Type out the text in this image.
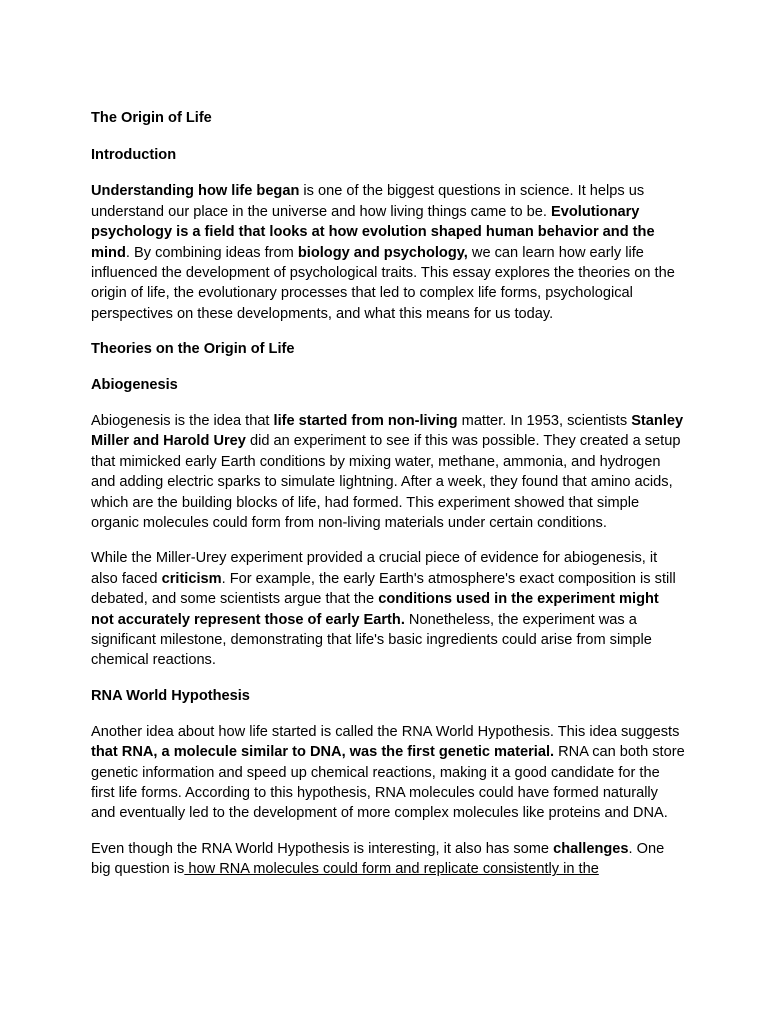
The Origin of Life

Introduction

Understanding how life began is one of the biggest questions in science. It helps us understand our place in the universe and how living things came to be. Evolutionary psychology is a field that looks at how evolution shaped human behavior and the mind. By combining ideas from biology and psychology, we can learn how early life influenced the development of psychological traits. This essay explores the theories on the origin of life, the evolutionary processes that led to complex life forms, psychological perspectives on these developments, and what this means for us today.

Theories on the Origin of Life

Abiogenesis

Abiogenesis is the idea that life started from non-living matter. In 1953, scientists Stanley Miller and Harold Urey did an experiment to see if this was possible. They created a setup that mimicked early Earth conditions by mixing water, methane, ammonia, and hydrogen and adding electric sparks to simulate lightning. After a week, they found that amino acids, which are the building blocks of life, had formed. This experiment showed that simple organic molecules could form from non-living materials under certain conditions.

While the Miller-Urey experiment provided a crucial piece of evidence for abiogenesis, it also faced criticism. For example, the early Earth's atmosphere's exact composition is still debated, and some scientists argue that the conditions used in the experiment might not accurately represent those of early Earth. Nonetheless, the experiment was a significant milestone, demonstrating that life's basic ingredients could arise from simple chemical reactions.

RNA World Hypothesis

Another idea about how life started is called the RNA World Hypothesis. This idea suggests that RNA, a molecule similar to DNA, was the first genetic material. RNA can both store genetic information and speed up chemical reactions, making it a good candidate for the first life forms. According to this hypothesis, RNA molecules could have formed naturally and eventually led to the development of more complex molecules like proteins and DNA.

Even though the RNA World Hypothesis is interesting, it also has some challenges. One big question is how RNA molecules could form and replicate consistently in the
